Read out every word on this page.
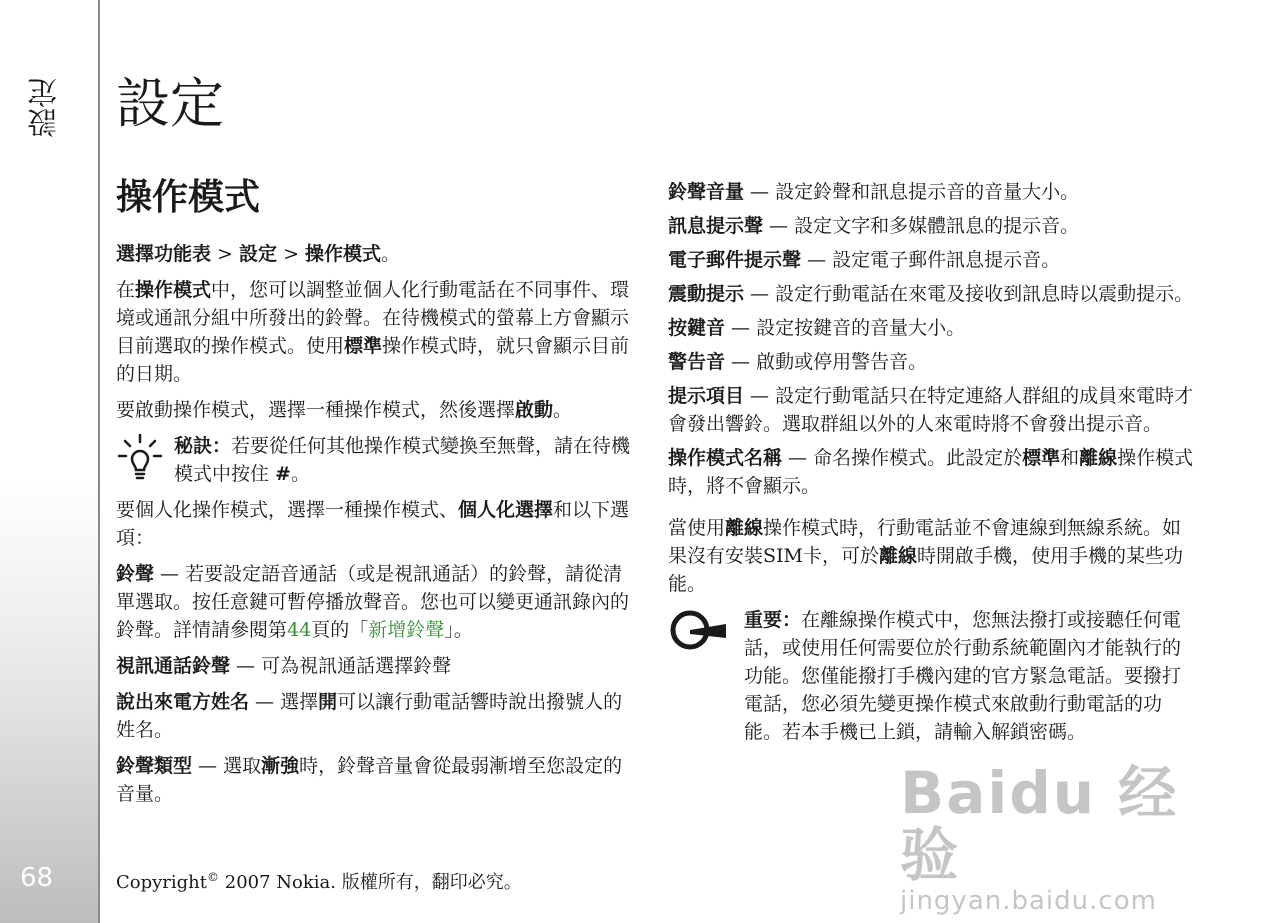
設定
68
設定
操作模式

選擇功能表 > 設定 > 操作模式。

在操作模式中，您可以調整並個人化行動電話在不同事件、環境或通訊分組中所發出的鈴聲。在待機模式的螢幕上方會顯示目前選取的操作模式。使用標準操作模式時，就只會顯示目前的日期。

要啟動操作模式，選擇一種操作模式，然後選擇啟動。

秘訣：若要從任何其他操作模式變換至無聲，請在待機模式中按住 #。

要個人化操作模式，選擇一種操作模式、個人化選擇和以下選項：

鈴聲 — 若要設定語音通話（或是視訊通話）的鈴聲，請從清單選取。按任意鍵可暫停播放聲音。您也可以變更通訊錄內的鈴聲。詳情請參閱第44頁的「新增鈴聲」。

視訊通話鈴聲 — 可為視訊通話選擇鈴聲

說出來電方姓名 — 選擇開可以讓行動電話響時說出撥號人的姓名。

鈴聲類型 — 選取漸強時，鈴聲音量會從最弱漸增至您設定的音量。

鈴聲音量 — 設定鈴聲和訊息提示音的音量大小。

訊息提示聲 — 設定文字和多媒體訊息的提示音。

電子郵件提示聲 — 設定電子郵件訊息提示音。

震動提示 — 設定行動電話在來電及接收到訊息時以震動提示。

按鍵音 — 設定按鍵音的音量大小。

警告音 — 啟動或停用警告音。

提示項目 — 設定行動電話只在特定連絡人群組的成員來電時才會發出響鈴。選取群組以外的人來電時將不會發出提示音。

操作模式名稱 — 命名操作模式。此設定於標準和離線操作模式時，將不會顯示。

當使用離線操作模式時，行動電話並不會連線到無線系統。如果沒有安裝SIM卡，可於離線時開啟手機，使用手機的某些功能。

重要：在離線操作模式中，您無法撥打或接聽任何電話，或使用任何需要位於行動系統範圍內才能執行的功能。您僅能撥打手機內建的官方緊急電話。要撥打電話，您必須先變更操作模式來啟動行動電話的功能。若本手機已上鎖，請輸入解鎖密碼。
Copyright© 2007 Nokia. 版權所有，翻印必究。
Baidu 经验
jingyan.baidu.com
